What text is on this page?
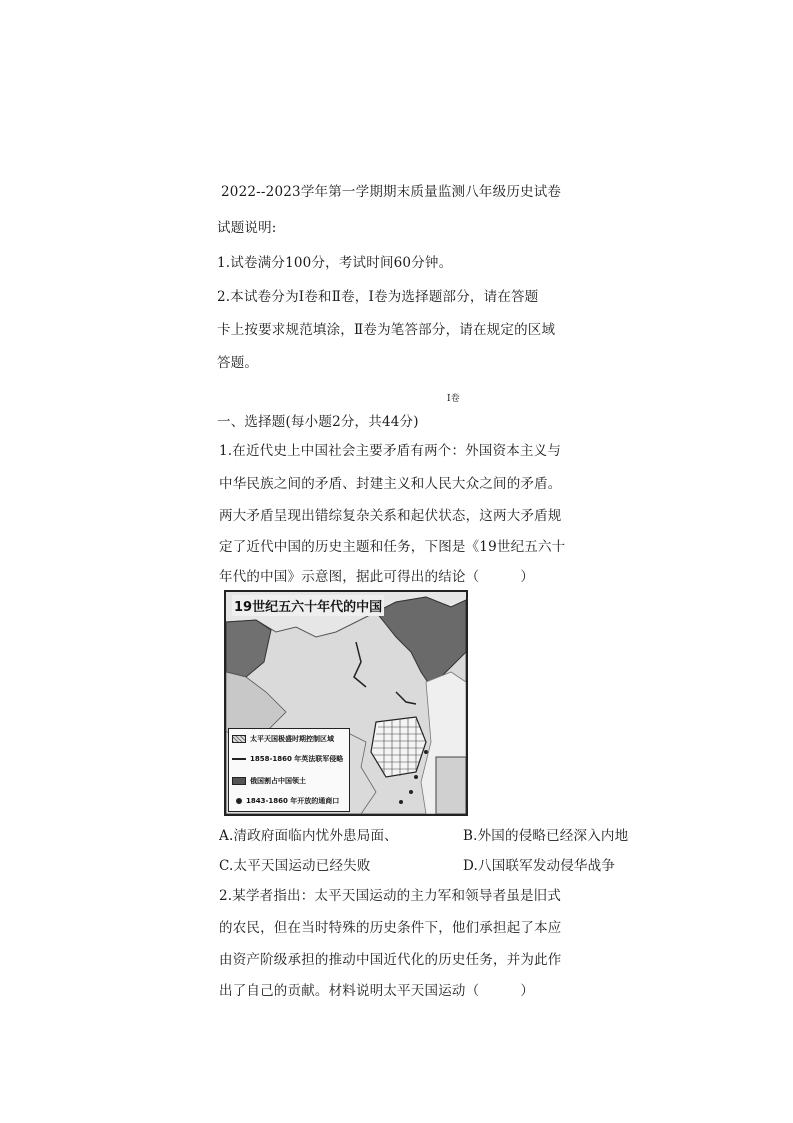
2022--2023学年第一学期期末质量监测八年级历史试卷
试题说明:
1.试卷满分100分，考试时间60分钟。
2.本试卷分为Ⅰ卷和Ⅱ卷，Ⅰ卷为选择题部分，请在答题
卡上按要求规范填涂，Ⅱ卷为笔答部分，请在规定的区域
答题。
Ⅰ卷
一、选择题(每小题2分，共44分)
1.在近代史上中国社会主要矛盾有两个：外国资本主义与
中华民族之间的矛盾、封建主义和人民大众之间的矛盾。
两大矛盾呈现出错综复杂关系和起伏状态，这两大矛盾规
定了近代中国的历史主题和任务，下图是《19世纪五六十
年代的中国》示意图，据此可得出的结论（　　　）
19世纪五六十年代的中国
太平天国极盛时期控制区域
1858-1860 年英法联军侵略
俄国割占中国领土
1843-1860 年开放的通商口
A.清政府面临内忧外患局面、	B.外国的侵略已经深入内地
C.太平天国运动已经失败	D.八国联军发动侵华战争
2.某学者指出：太平天国运动的主力军和领导者虽是旧式
的农民，但在当时特殊的历史条件下，他们承担起了本应
由资产阶级承担的推动中国近代化的历史任务，并为此作
出了自己的贡献。材料说明太平天国运动（　　　）
